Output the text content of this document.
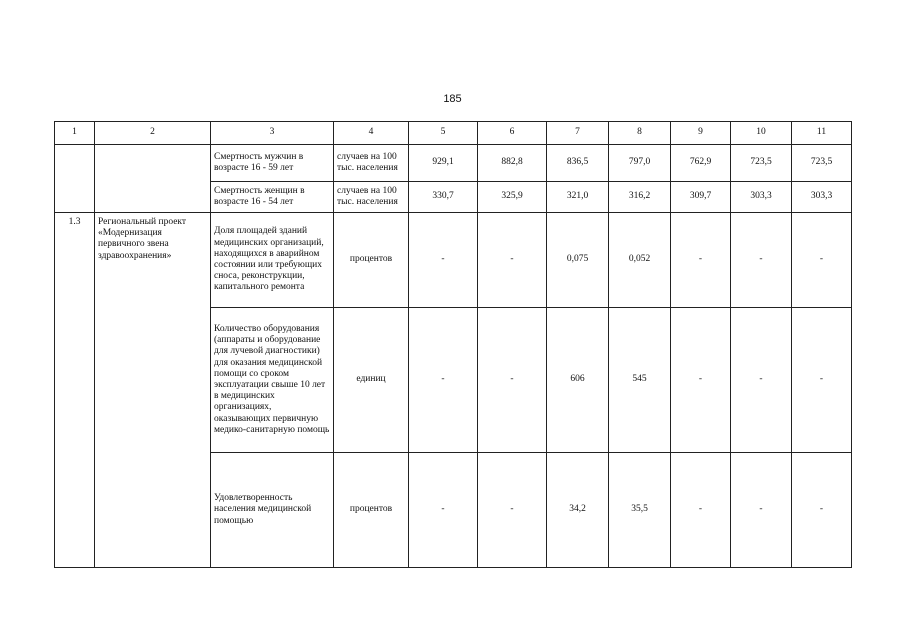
185
1	2	3	4	5	6	7	8	9	10	11
		Смертность мужчин в возрасте 16 - 59 лет	случаев на 100 тыс. населения	929,1	882,8	836,5	797,0	762,9	723,5	723,5
		Смертность женщин в возрасте 16 - 54 лет	случаев на 100 тыс. населения	330,7	325,9	321,0	316,2	309,7	303,3	303,3
1.3	Региональный проект «Модернизация первичного звена здравоохранения»	Доля площадей зданий медицинских организаций, находящихся в аварийном состоянии или требующих сноса, реконструкции, капитального ремонта	процентов	-	-	0,075	0,052	-	-	-
		Количество оборудования (аппараты и оборудование для лучевой диагностики) для оказания медицинской помощи со сроком эксплуатации свыше 10 лет в медицинских организациях, оказывающих первичную медико-санитарную помощь	единиц	-	-	606	545	-	-	-
		Удовлетворенность населения медицинской помощью	процентов	-	-	34,2	35,5	-	-	-
